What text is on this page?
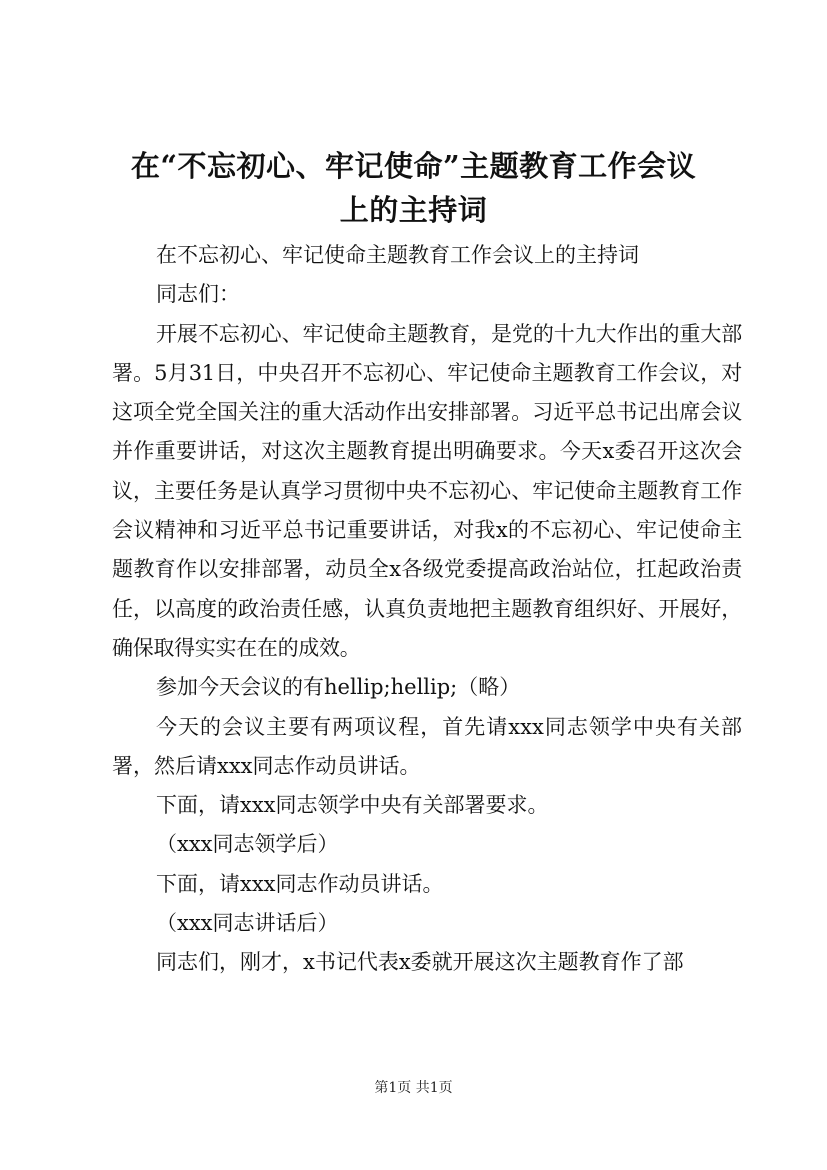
在“不忘初心、牢记使命”主题教育工作会议
上的主持词

在不忘初心、牢记使命主题教育工作会议上的主持词

同志们：

开展不忘初心、牢记使命主题教育，是党的十九大作出的重大部署。5月31日，中央召开不忘初心、牢记使命主题教育工作会议，对这项全党全国关注的重大活动作出安排部署。习近平总书记出席会议并作重要讲话，对这次主题教育提出明确要求。今天x委召开这次会议，主要任务是认真学习贯彻中央不忘初心、牢记使命主题教育工作会议精神和习近平总书记重要讲话，对我x的不忘初心、牢记使命主题教育作以安排部署，动员全x各级党委提高政治站位，扛起政治责任，以高度的政治责任感，认真负责地把主题教育组织好、开展好，确保取得实实在在的成效。

参加今天会议的有hellip;hellip;（略）

今天的会议主要有两项议程，首先请xxx同志领学中央有关部署，然后请xxx同志作动员讲话。

下面，请xxx同志领学中央有关部署要求。

（xxx同志领学后）

下面，请xxx同志作动员讲话。

（xxx同志讲话后）

同志们，刚才，x书记代表x委就开展这次主题教育作了部

第1页 共1页
